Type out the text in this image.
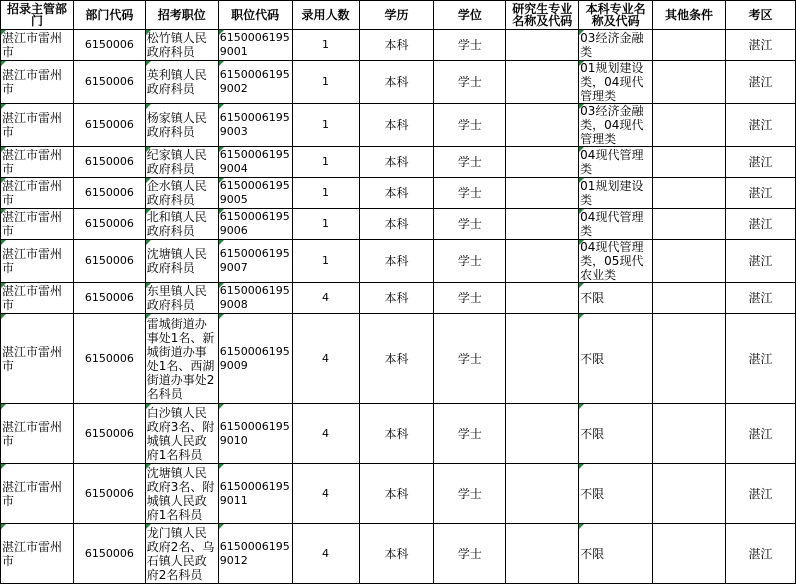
招录主管部门	部门代码	招考职位	职位代码	录用人数	学历	学位	研究生专业名称及代码	本科专业名称及代码	其他条件	考区

湛江市雷州市	6150006	松竹镇人民政府科员	61500061959001	1	本科	学士		03经济金融类		湛江

湛江市雷州市	6150006	英利镇人民政府科员	61500061959002	1	本科	学士		01规划建设类，04现代管理类		湛江

湛江市雷州市	6150006	杨家镇人民政府科员	61500061959003	1	本科	学士		03经济金融类，04现代管理类		湛江

湛江市雷州市	6150006	纪家镇人民政府科员	61500061959004	1	本科	学士		04现代管理类		湛江

湛江市雷州市	6150006	企水镇人民政府科员	61500061959005	1	本科	学士		01规划建设类		湛江

湛江市雷州市	6150006	北和镇人民政府科员	61500061959006	1	本科	学士		04现代管理类		湛江

湛江市雷州市	6150006	沈塘镇人民政府科员	61500061959007	1	本科	学士		04现代管理类，05现代农业类		湛江

湛江市雷州市	6150006	东里镇人民政府科员	61500061959008	4	本科	学士		不限		湛江

湛江市雷州市	6150006	雷城街道办事处1名、新城街道办事处1名、西湖街道办事处2名科员	61500061959009	4	本科	学士		不限		湛江

湛江市雷州市	6150006	白沙镇人民政府3名、附城镇人民政府1名科员	61500061959010	4	本科	学士		不限		湛江

湛江市雷州市	6150006	沈塘镇人民政府3名、附城镇人民政府1名科员	61500061959011	4	本科	学士		不限		湛江

湛江市雷州市	6150006	龙门镇人民政府2名、乌石镇人民政府2名科员	61500061959012	4	本科	学士		不限		湛江
